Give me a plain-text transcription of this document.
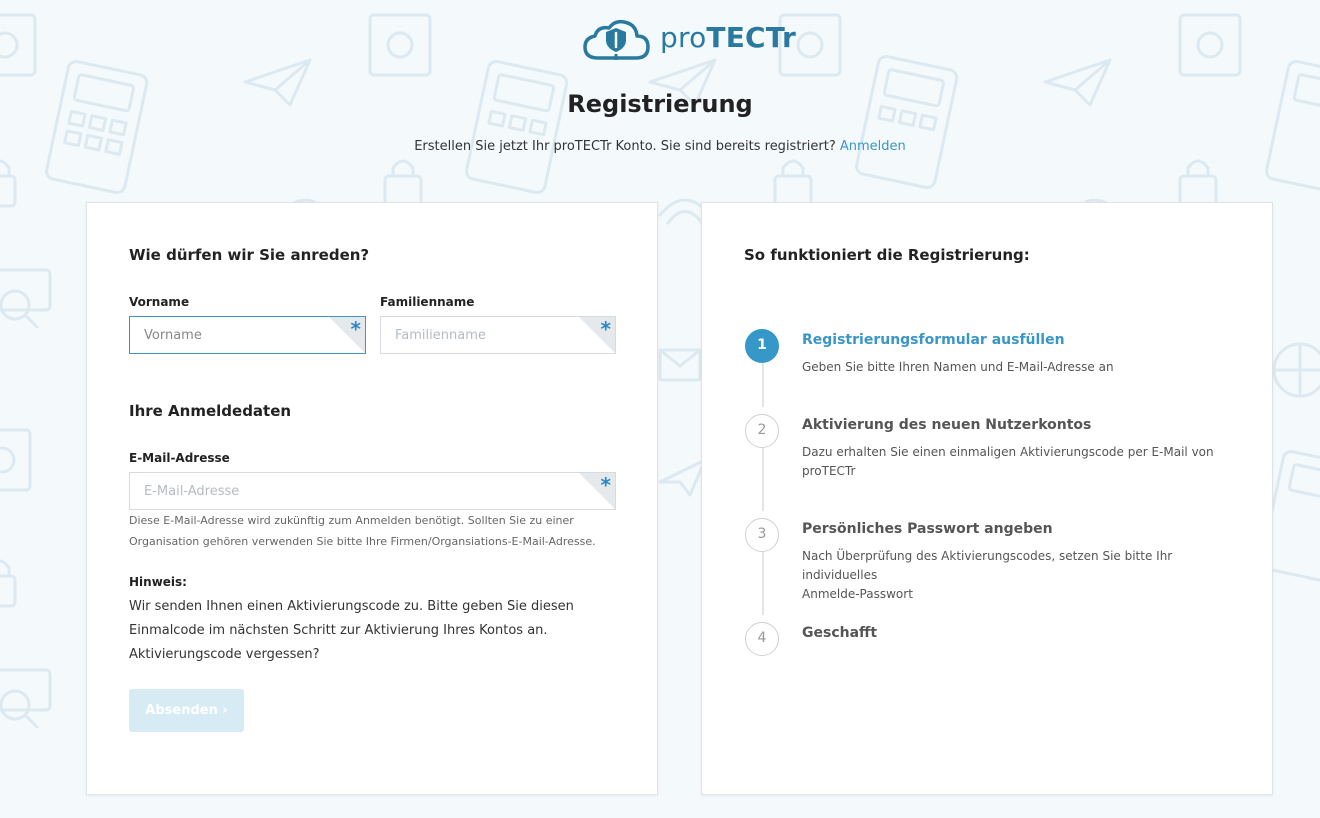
proTECTr
Registrierung
Erstellen Sie jetzt Ihr proTECTr Konto. Sie sind bereits registriert? Anmelden
Wie dürfen wir Sie anreden?
Vorname
Vorname
*
Familienname
Familienname
*
Ihre Anmeldedaten
E-Mail-Adresse
E-Mail-Adresse
*
Diese E-Mail-Adresse wird zukünftig zum Anmelden benötigt. Sollten Sie zu einer
Organisation gehören verwenden Sie bitte Ihre Firmen/Organsiations-E-Mail-Adresse.
Hinweis:
Wir senden Ihnen einen Aktivierungscode zu. Bitte geben Sie diesen
Einmalcode im nächsten Schritt zur Aktivierung Ihres Kontos an.
Aktivierungscode vergessen?
Absenden ›
So funktioniert die Registrierung:
1	Registrierungsformular ausfüllen
Geben Sie bitte Ihren Namen und E-Mail-Adresse an
2	Aktivierung des neuen Nutzerkontos
Dazu erhalten Sie einen einmaligen Aktivierungscode per E-Mail von
proTECTr
3	Persönliches Passwort angeben
Nach Überprüfung des Aktivierungscodes, setzen Sie bitte Ihr individuelles
Anmelde-Passwort
4	Geschafft
